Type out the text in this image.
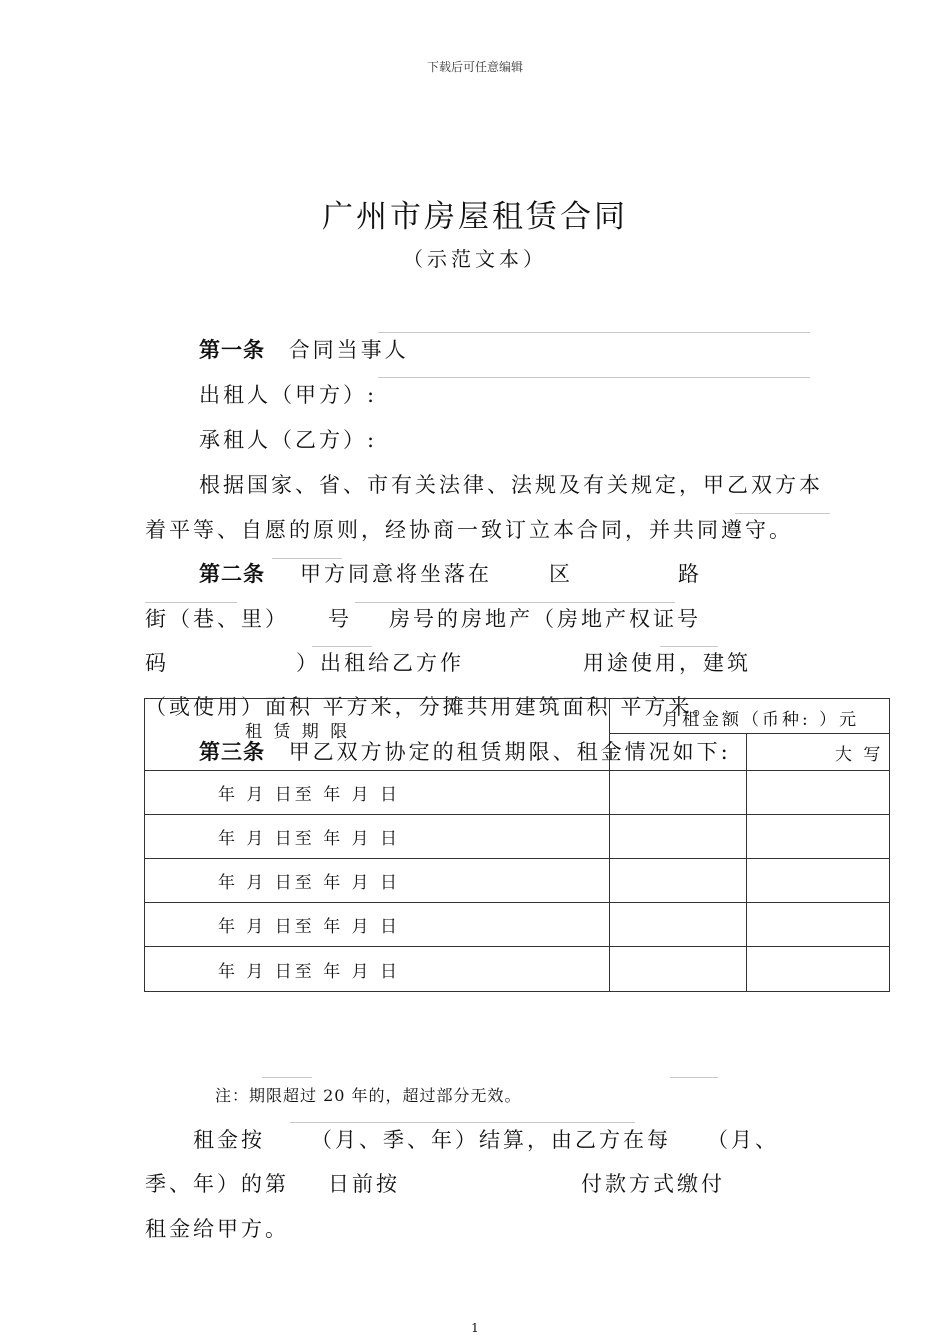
下载后可任意编辑
广州市房屋租赁合同
（示范文本）
第一条 合同当事人
出租人（甲方）:
承租人（乙方）:
根据国家、省、市有关法律、法规及有关规定，甲乙双方本
着平等、自愿的原则，经协商一致订立本合同，并共同遵守。
第二条 甲方同意将坐落在	区	路
街（巷、里） 号 房号的房地产（房地产权证号
码	）出租给乙方作	用途使用，建筑
（或使用）面积 平方米，分摊共用建筑面积 平方米。
第三条 甲乙双方协定的租赁期限、租金情况如下:
租 赁 期 限	月租金额（币种: ）元	
		大 写
年 月 日至 年 月 日		
年 月 日至 年 月 日		
年 月 日至 年 月 日		
年 月 日至 年 月 日		
年 月 日至 年 月 日		
注：期限超过 20 年的，超过部分无效。
租金按 （月、季、年）结算，由乙方在每 （月、
季、年）的第 日前按	付款方式缴付
租金给甲方。
1
